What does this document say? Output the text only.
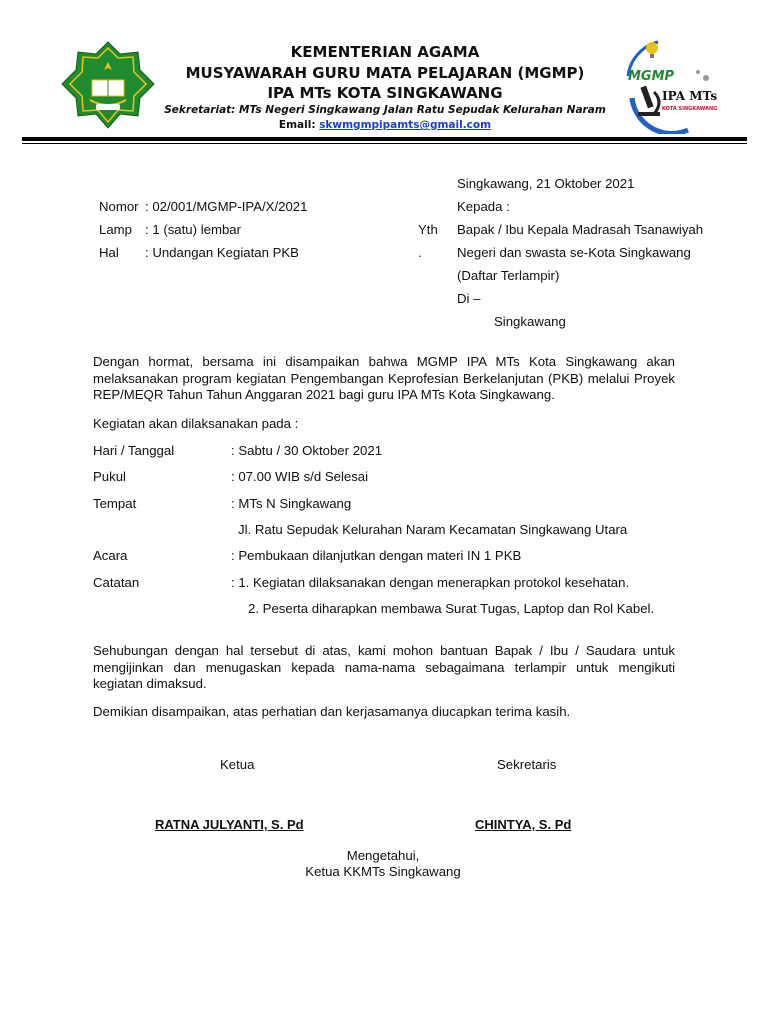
KEMENTERIAN AGAMA
MUSYAWARAH GURU MATA PELAJARAN (MGMP)
IPA MTs KOTA SINGKAWANG
Sekretariat: MTs Negeri Singkawang Jalan Ratu Sepudak Kelurahan Naram
Email: skwmgmpipamts@gmail.com
MGMP
IPA MTs
KOTA SINGKAWANG
Singkawang, 21 Oktober 2021
Nomor : 02/001/MGMP-IPA/X/2021
Lamp : 1 (satu) lembar
Hal : Undangan Kegiatan PKB
Kepada :
Yth
.
Bapak / Ibu Kepala Madrasah Tsanawiyah
Negeri dan swasta se-Kota Singkawang
(Daftar Terlampir)
Di –
Singkawang
Dengan hormat, bersama ini disampaikan bahwa MGMP IPA MTs Kota Singkawang akan melaksanakan program kegiatan Pengembangan Keprofesian Berkelanjutan (PKB) melalui Proyek REP/MEQR Tahun Tahun Anggaran 2021 bagi guru IPA MTs Kota Singkawang.
Kegiatan akan dilaksanakan pada :
Hari / Tanggal	: Sabtu / 30 Oktober 2021
Pukul	: 07.00 WIB s/d Selesai
Tempat	: MTs N Singkawang
Jl. Ratu Sepudak Kelurahan Naram Kecamatan Singkawang Utara
Acara	: Pembukaan dilanjutkan dengan materi IN 1 PKB
Catatan	: 1. Kegiatan dilaksanakan dengan menerapkan protokol kesehatan.
2. Peserta diharapkan membawa Surat Tugas, Laptop dan Rol Kabel.
Sehubungan dengan hal tersebut di atas, kami mohon bantuan Bapak / Ibu / Saudara untuk mengijinkan dan menugaskan kepada nama-nama sebagaimana terlampir untuk mengikuti kegiatan dimaksud.
Demikian disampaikan, atas perhatian dan kerjasamanya diucapkan terima kasih.
Ketua	Sekretaris
RATNA JULYANTI, S. Pd	CHINTYA, S. Pd
Mengetahui,
Ketua KKMTs Singkawang
